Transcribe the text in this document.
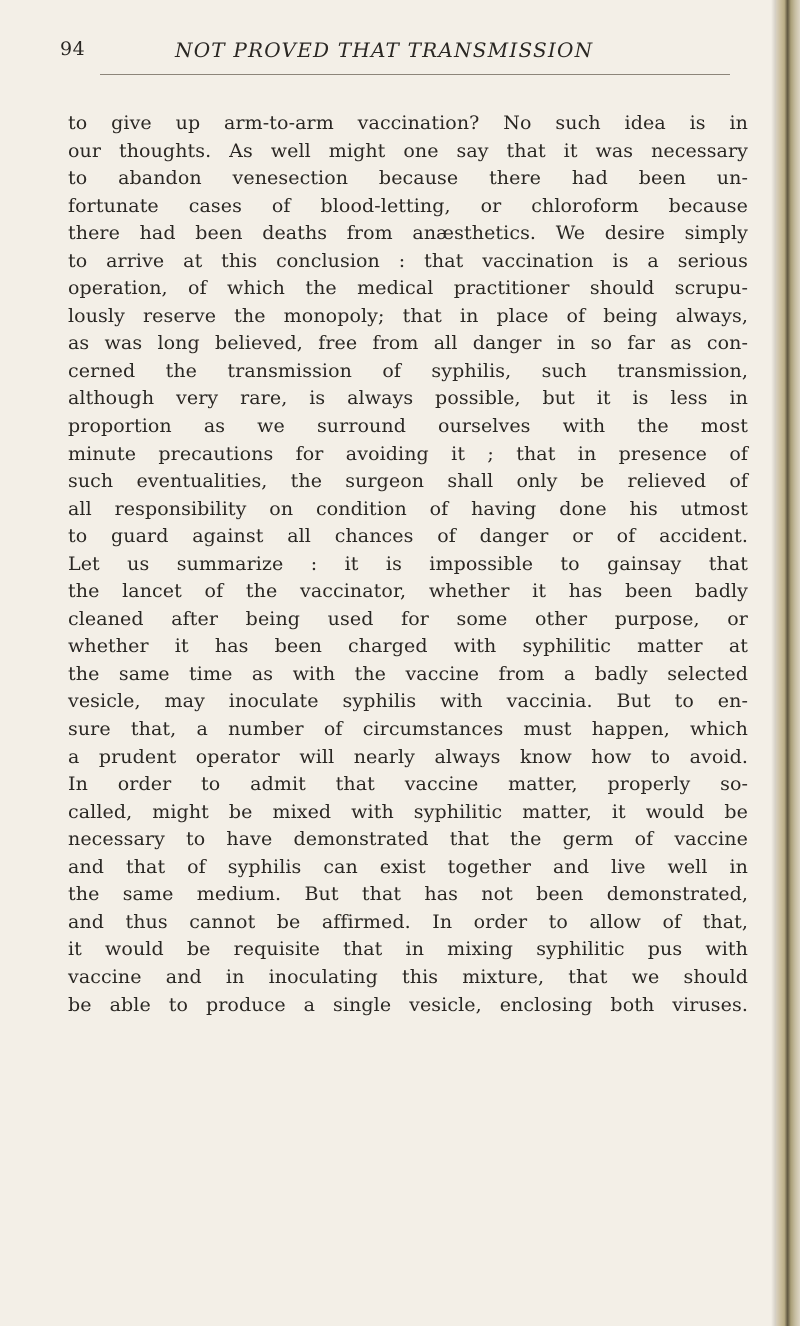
94	NOT PROVED THAT TRANSMISSION
to give up arm-to-arm vaccination? No such idea is in
our thoughts. As well might one say that it was necessary
to abandon venesection because there had been un-
fortunate cases of blood-letting, or chloroform because
there had been deaths from anæsthetics. We desire simply
to arrive at this conclusion : that vaccination is a serious
operation, of which the medical practitioner should scrupu-
lously reserve the monopoly; that in place of being always,
as was long believed, free from all danger in so far as con-
cerned the transmission of syphilis, such transmission,
although very rare, is always possible, but it is less in
proportion as we surround ourselves with the most
minute precautions for avoiding it ; that in presence of
such eventualities, the surgeon shall only be relieved of
all responsibility on condition of having done his utmost
to guard against all chances of danger or of accident.
Let us summarize : it is impossible to gainsay that
the lancet of the vaccinator, whether it has been badly
cleaned after being used for some other purpose, or
whether it has been charged with syphilitic matter at
the same time as with the vaccine from a badly selected
vesicle, may inoculate syphilis with vaccinia. But to en-
sure that, a number of circumstances must happen, which
a prudent operator will nearly always know how to avoid.
In order to admit that vaccine matter, properly so-
called, might be mixed with syphilitic matter, it would be
necessary to have demonstrated that the germ of vaccine
and that of syphilis can exist together and live well in
the same medium. But that has not been demonstrated,
and thus cannot be affirmed. In order to allow of that,
it would be requisite that in mixing syphilitic pus with
vaccine and in inoculating this mixture, that we should
be able to produce a single vesicle, enclosing both viruses.
